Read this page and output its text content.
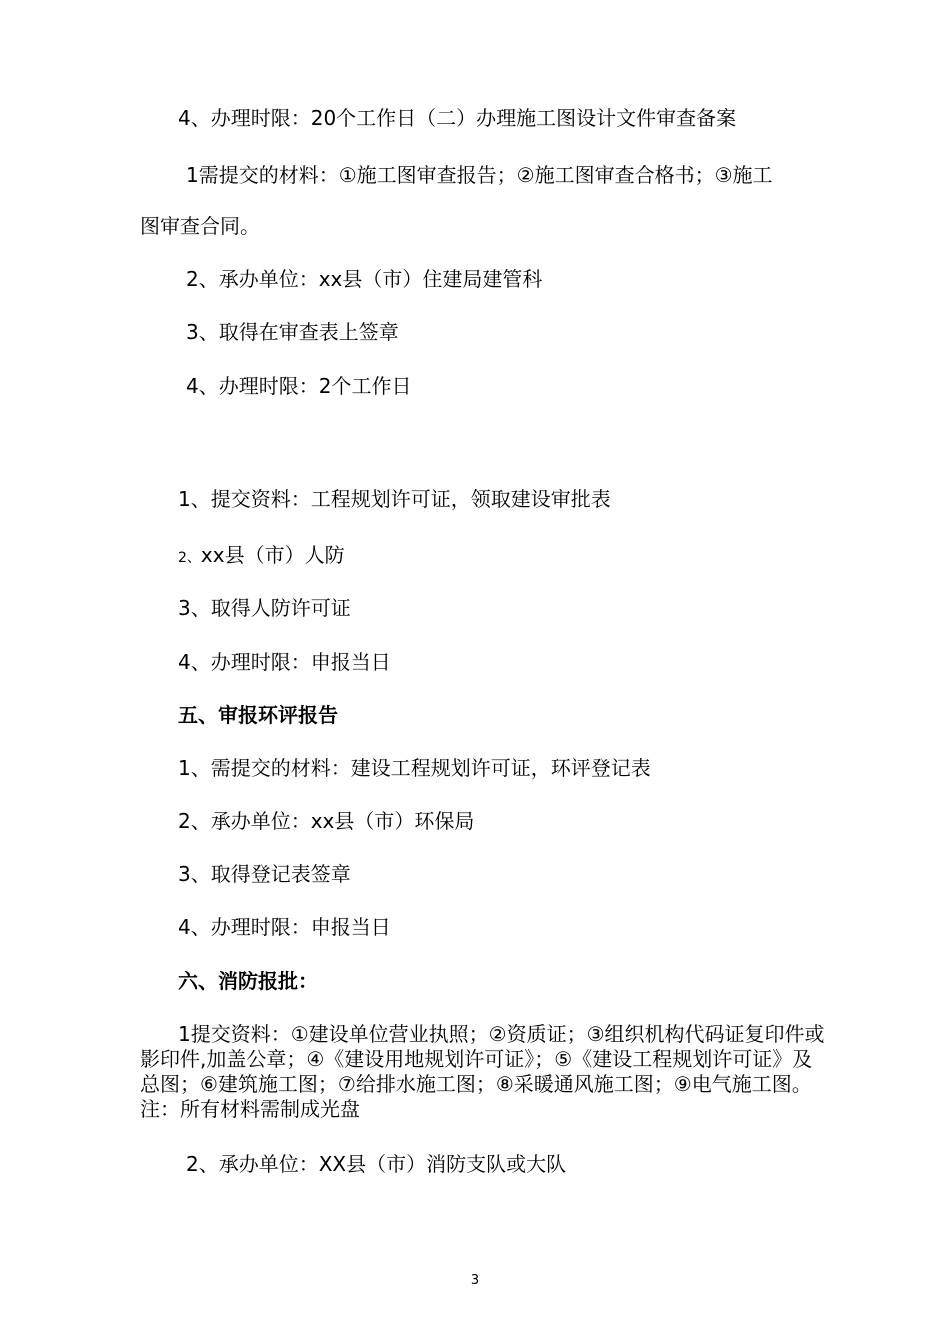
4、办理时限：20个工作日（二）办理施工图设计文件审查备案
1需提交的材料：①施工图审查报告；②施工图审查合格书；③施工
图审查合同。
2、承办单位：xx县（市）住建局建管科
3、取得在审查表上签章
4、办理时限：2个工作日
1、提交资料：工程规划许可证，领取建设审批表
2、xx县（市）人防
3、取得人防许可证
4、办理时限：申报当日
五、审报环评报告
1、需提交的材料：建设工程规划许可证，环评登记表
2、承办单位：xx县（市）环保局
3、取得登记表签章
4、办理时限：申报当日
六、消防报批：
1提交资料：①建设单位营业执照；②资质证；③组织机构代码证复印件或影印件,加盖公章；④《建设用地规划许可证》；⑤《建设工程规划许可证》及总图；⑥建筑施工图；⑦给排水施工图；⑧采暖通风施工图；⑨电气施工图。注：所有材料需制成光盘
2、承办单位：XX县（市）消防支队或大队
3
